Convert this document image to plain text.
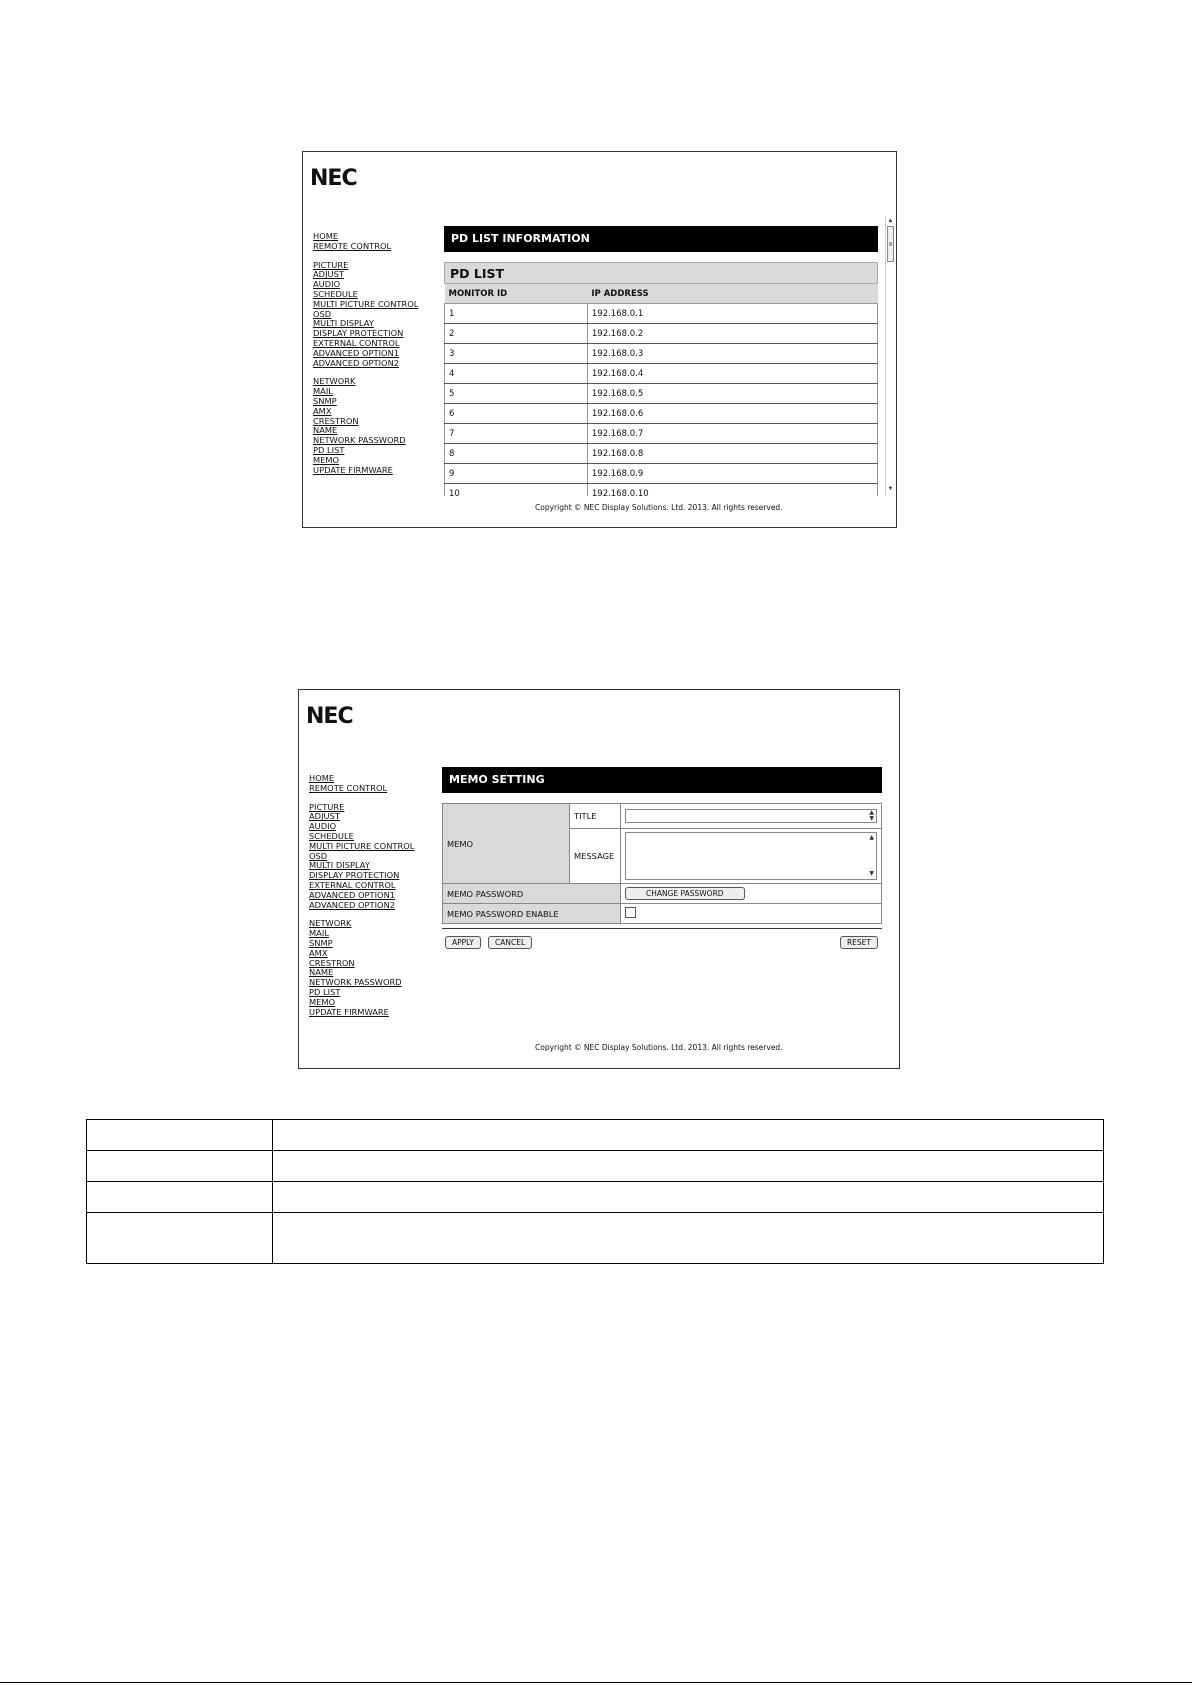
NEC
HOME
REMOTE CONTROL
PICTURE
ADJUST
AUDIO
SCHEDULE
MULTI PICTURE CONTROL
OSD
MULTI DISPLAY
DISPLAY PROTECTION
EXTERNAL CONTROL
ADVANCED OPTION1
ADVANCED OPTION2
NETWORK
MAIL
SNMP
AMX
CRESTRON
NAME
NETWORK PASSWORD
PD LIST
MEMO
UPDATE FIRMWARE
PD LIST INFORMATION
PD LIST
MONITOR ID	IP ADDRESS
1	192.168.0.1
2	192.168.0.2
3	192.168.0.3
4	192.168.0.4
5	192.168.0.5
6	192.168.0.6
7	192.168.0.7
8	192.168.0.8
9	192.168.0.9
10	192.168.0.10

▲
≡
▼
Copyright © NEC Display Solutions. Ltd. 2013. All rights reserved.
NEC
HOME
REMOTE CONTROL
PICTURE
ADJUST
AUDIO
SCHEDULE
MULTI PICTURE CONTROL
OSD
MULTI DISPLAY
DISPLAY PROTECTION
EXTERNAL CONTROL
ADVANCED OPTION1
ADVANCED OPTION2
NETWORK
MAIL
SNMP
AMX
CRESTRON
NAME
NETWORK PASSWORD
PD LIST
MEMO
UPDATE FIRMWARE
MEMO SETTING
MEMO	TITLE	▲
▼

	MESSAGE	▲
▼

MEMO PASSWORD		CHANGE PASSWORD
MEMO PASSWORD ENABLE		
APPLY	CANCEL	RESET
Copyright © NEC Display Solutions. Ltd. 2013. All rights reserved.
